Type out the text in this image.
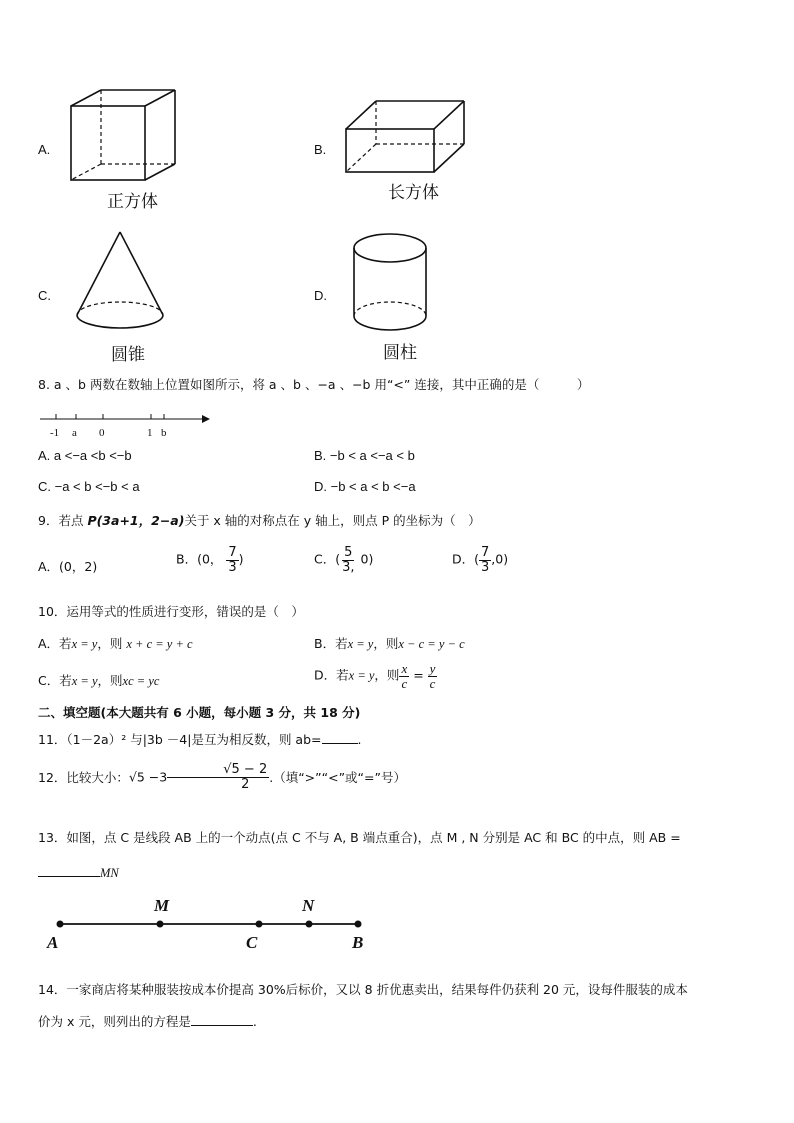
A.
正方体
B.
长方体
C.
圆锥
D.
圆柱
8. a 、b 两数在数轴上位置如图所示，将 a 、b 、−a 、−b 用“<” 连接，其中正确的是（　　　）
-1 a 0	1 b
A. a <−a <b <−b	B. −b < a <−a < b
C. −a < b <−b < a	D. −b < a < b <−a
9．若点 P(3a+1，2−a)关于 x 轴的对称点在 y 轴上，则点 P 的坐标为（　）
A．(0，2)	B．(0， $\frac{7}{3}$ )	C．( $\frac{5}{3,} 0$)	D．( $\frac{7}{3} ,0$)
10．运用等式的性质进行变形，错误的是（　）
A．若x = y，则 x + c = y + c	B．若x = y，则x − c = y − c
C．若x = y，则xc = yc	D．若x = y，则 $\frac{x}{c} = \frac{y}{c}$
二、填空题(本大题共有 6 小题，每小题 3 分，共 18 分)
11．（1－2a）² 与|3b －4|是互为相反数，则 ab=	.
12．比较大小：√5 −3	$\frac{√5 - 2}{2}$ .（填“>”“<”或“=”号）
13．如图，点 C 是线段 AB 上的一个动点(点 C 不与 A, B 端点重合)，点 M , N 分别是 AC 和 BC 的中点，则 AB =
MN
A
M
C
N
B
14．一家商店将某种服装按成本价提高 30%后标价，又以 8 折优惠卖出，结果每件仍获利 20 元，设每件服装的成本
价为 x 元，则列出的方程是	.
